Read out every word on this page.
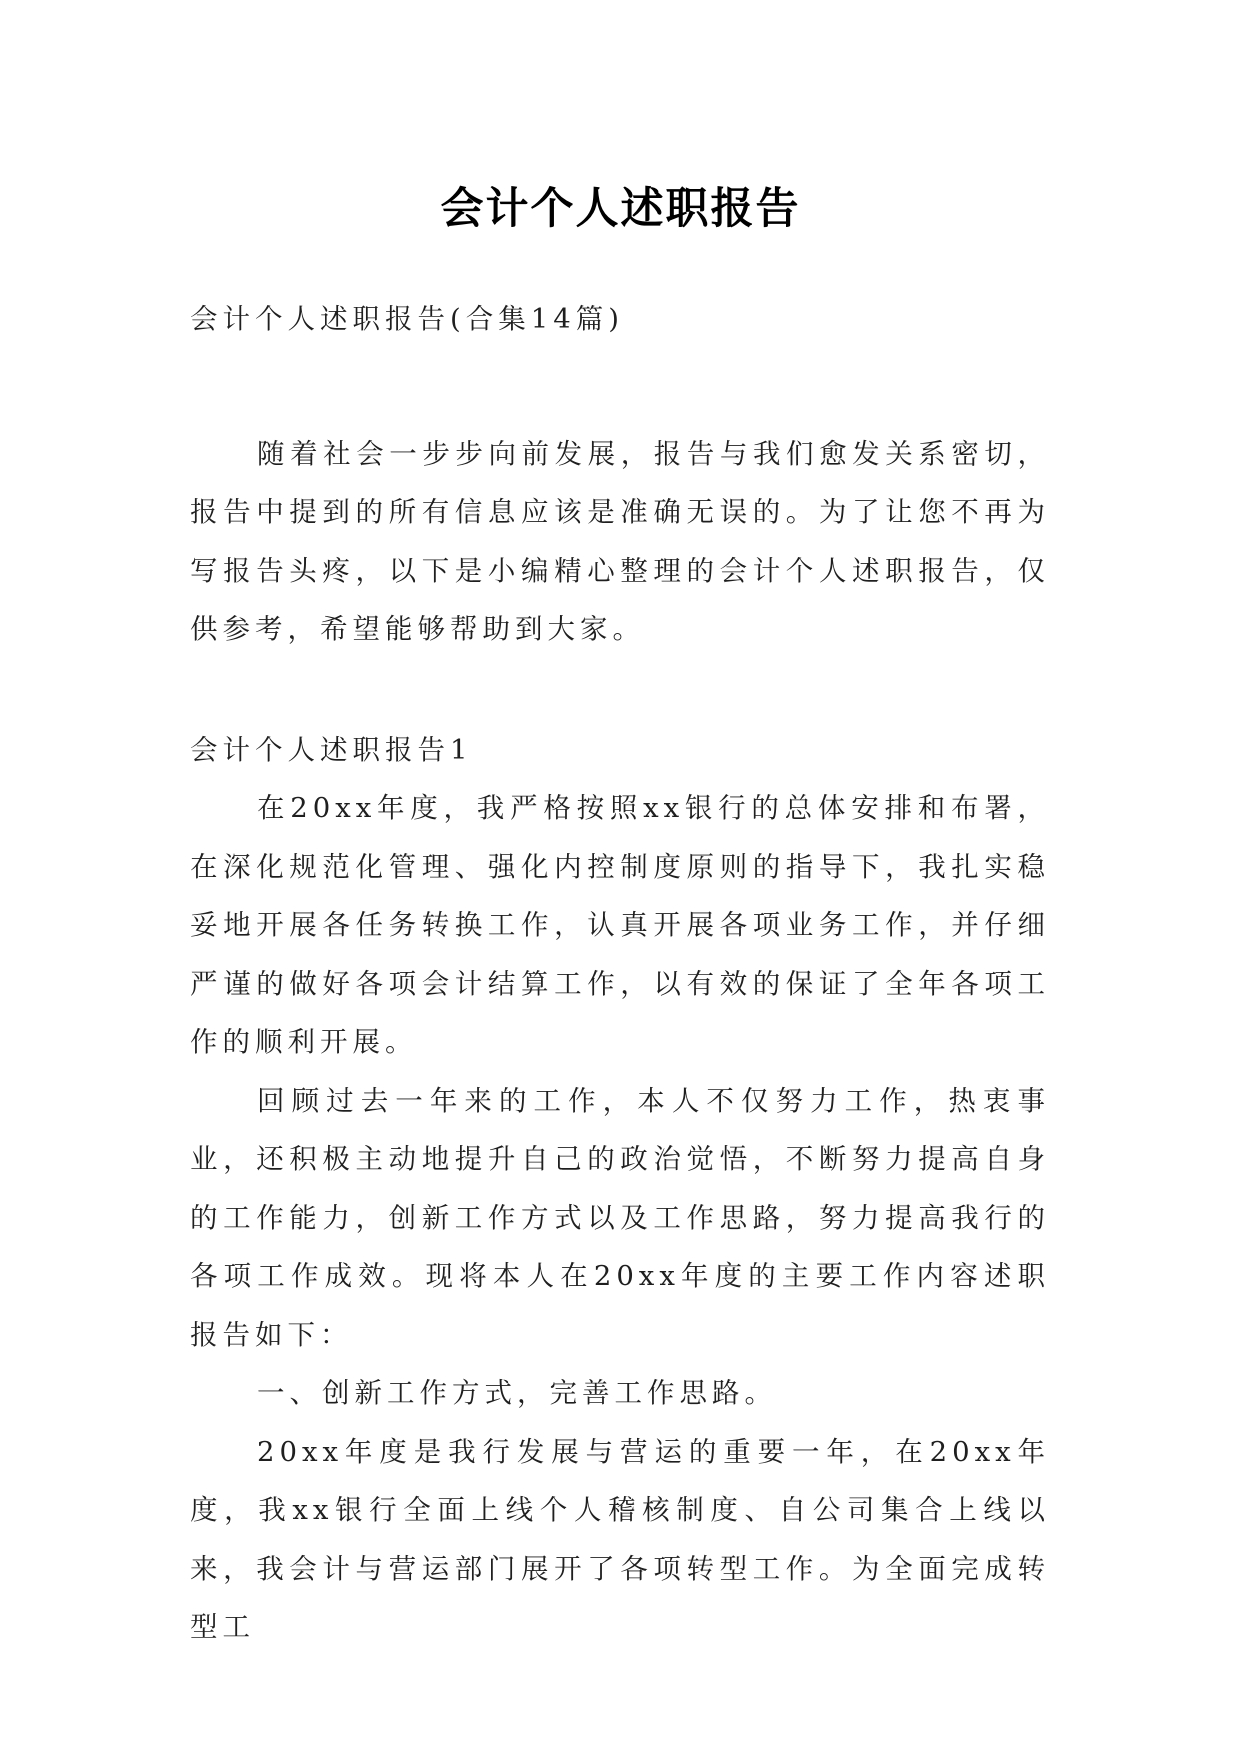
会计个人述职报告

会计个人述职报告(合集14篇)

随着社会一步步向前发展，报告与我们愈发关系密切，报告中提到的所有信息应该是准确无误的。为了让您不再为写报告头疼，以下是小编精心整理的会计个人述职报告，仅供参考，希望能够帮助到大家。

会计个人述职报告1

在20xx年度，我严格按照xx银行的总体安排和布署，在深化规范化管理、强化内控制度原则的指导下，我扎实稳妥地开展各任务转换工作，认真开展各项业务工作，并仔细严谨的做好各项会计结算工作，以有效的保证了全年各项工作的顺利开展。

回顾过去一年来的工作，本人不仅努力工作，热衷事业，还积极主动地提升自己的政治觉悟，不断努力提高自身的工作能力，创新工作方式以及工作思路，努力提高我行的各项工作成效。现将本人在20xx年度的主要工作内容述职报告如下：

一、创新工作方式，完善工作思路。

20xx年度是我行发展与营运的重要一年，在20xx年度，我xx银行全面上线个人稽核制度、自公司集合上线以来，我会计与营运部门展开了各项转型工作。为全面完成转型工
